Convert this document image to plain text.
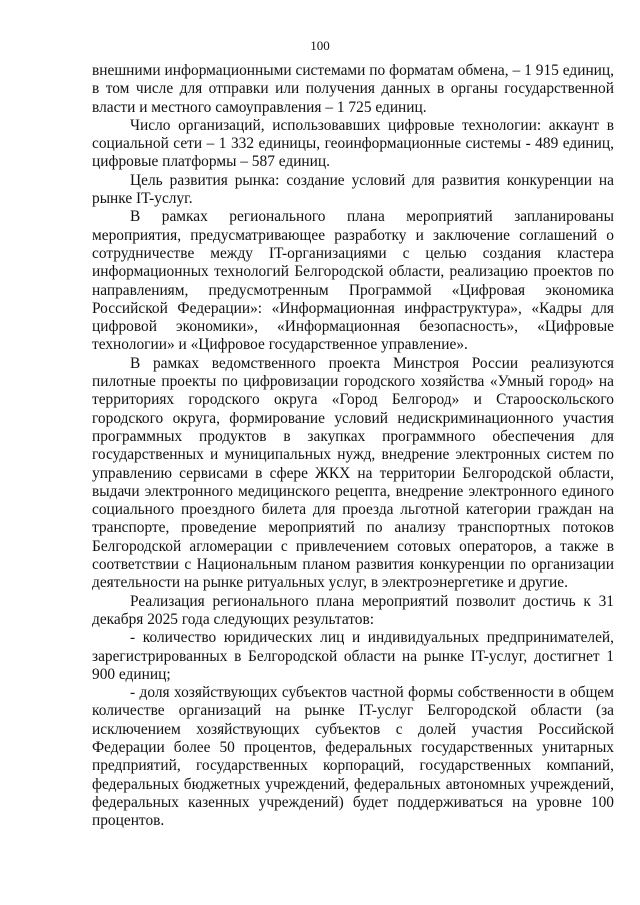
100

внешними информационными системами по форматам обмена, – 1 915 единиц, в том числе для отправки или получения данных в органы государственной власти и местного самоуправления – 1 725 единиц.

Число организаций, использовавших цифровые технологии: аккаунт в социальной сети – 1 332 единицы, геоинформационные системы - 489 единиц, цифровые платформы – 587 единиц.

Цель развития рынка: создание условий для развития конкуренции на рынке IT-услуг.

В рамках регионального плана мероприятий запланированы мероприятия, предусматривающее разработку и заключение соглашений о сотрудничестве между IT-организациями с целью создания кластера информационных технологий Белгородской области, реализацию проектов по направлениям, предусмотренным Программой «Цифровая экономика Российской Федерации»: «Информационная инфраструктура», «Кадры для цифровой экономики», «Информационная безопасность», «Цифровые технологии» и «Цифровое государственное управление».

В рамках ведомственного проекта Минстроя России реализуются пилотные проекты по цифровизации городского хозяйства «Умный город» на территориях городского округа «Город Белгород» и Старооскольского городского округа, формирование условий недискриминационного участия программных продуктов в закупках программного обеспечения для государственных и муниципальных нужд, внедрение электронных систем по управлению сервисами в сфере ЖКХ на территории Белгородской области, выдачи электронного медицинского рецепта, внедрение электронного единого социального проездного билета для проезда льготной категории граждан на транспорте, проведение мероприятий по анализу транспортных потоков Белгородской агломерации с привлечением сотовых операторов, а также в соответствии с Национальным планом развития конкуренции по организации деятельности на рынке ритуальных услуг, в электроэнергетике и другие.

Реализация регионального плана мероприятий позволит достичь к 31 декабря 2025 года следующих результатов:

- количество юридических лиц и индивидуальных предпринимателей, зарегистрированных в Белгородской области на рынке IT-услуг, достигнет 1 900 единиц;

- доля хозяйствующих субъектов частной формы собственности в общем количестве организаций на рынке IT-услуг Белгородской области (за исключением хозяйствующих субъектов с долей участия Российской Федерации более 50 процентов, федеральных государственных унитарных предприятий, государственных корпораций, государственных компаний, федеральных бюджетных учреждений, федеральных автономных учреждений, федеральных казенных учреждений) будет поддерживаться на уровне 100 процентов.
